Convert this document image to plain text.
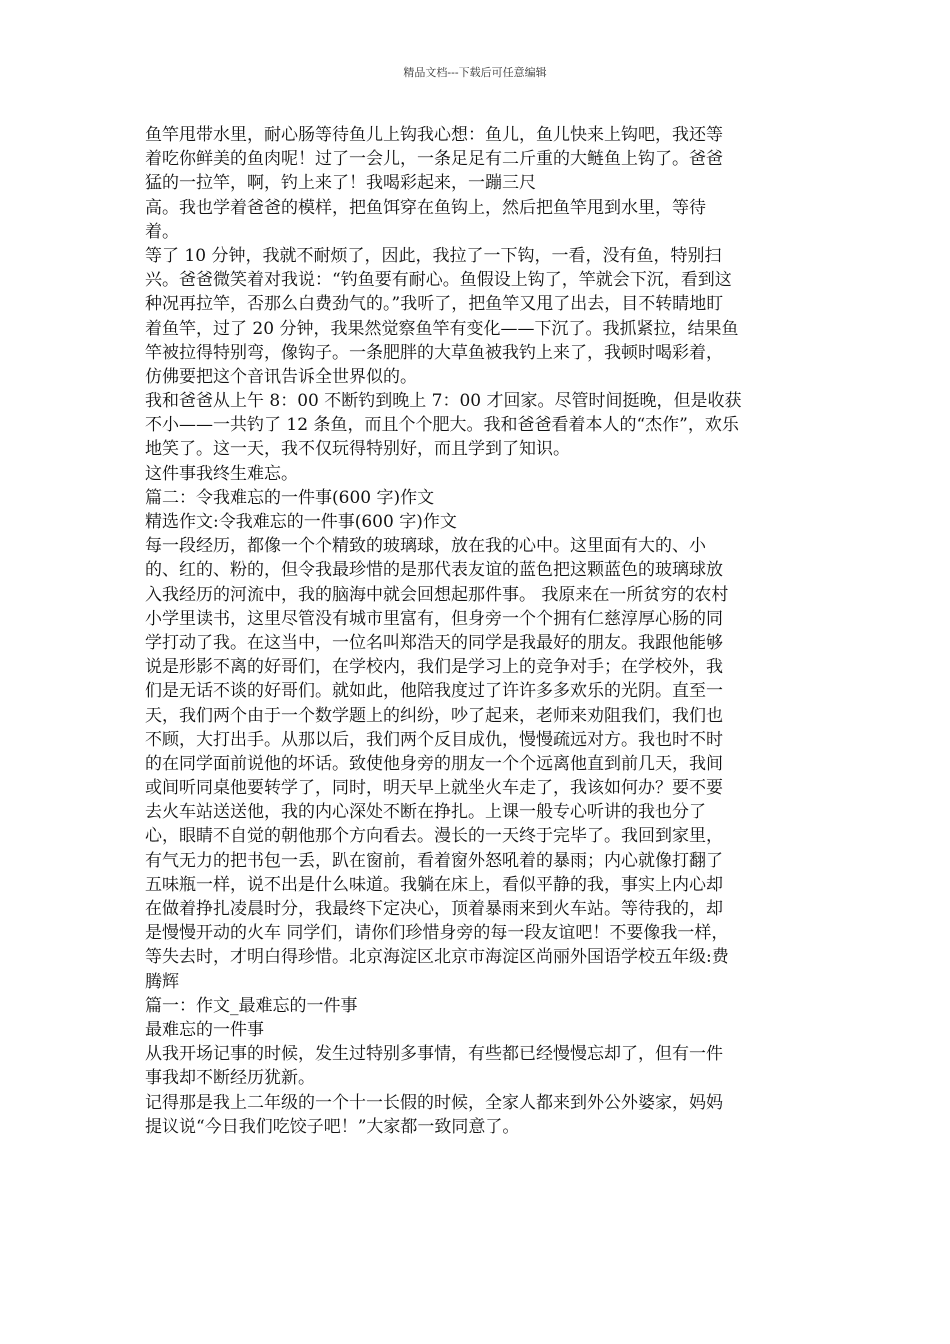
精品文档---下载后可任意编辑
鱼竿甩带水里，耐心肠等待鱼儿上钩我心想：鱼儿，鱼儿快来上钩吧，我还等
着吃你鲜美的鱼肉呢！过了一会儿，一条足足有二斤重的大鲢鱼上钩了。爸爸
猛的一拉竿，啊，钓上来了！我喝彩起来，一蹦三尺
高。我也学着爸爸的模样，把鱼饵穿在鱼钩上，然后把鱼竿甩到水里，等待
着。
等了 10 分钟，我就不耐烦了，因此，我拉了一下钩，一看，没有鱼，特别扫
兴。爸爸微笑着对我说：“钓鱼要有耐心。鱼假设上钩了，竿就会下沉，看到这
种况再拉竿，否那么白费劲气的。”我听了，把鱼竿又甩了出去，目不转睛地盯
着鱼竿，过了 20 分钟，我果然觉察鱼竿有变化——下沉了。我抓紧拉，结果鱼
竿被拉得特别弯，像钩子。一条肥胖的大草鱼被我钓上来了，我顿时喝彩着，
仿佛要把这个音讯告诉全世界似的。
我和爸爸从上午 8：00 不断钓到晚上 7：00 才回家。尽管时间挺晚，但是收获
不小——一共钓了 12 条鱼，而且个个肥大。我和爸爸看着本人的“杰作”，欢乐
地笑了。这一天，我不仅玩得特别好，而且学到了知识。
这件事我终生难忘。
篇二：令我难忘的一件事(600 字)作文
精选作文:令我难忘的一件事(600 字)作文
每一段经历，都像一个个精致的玻璃球，放在我的心中。这里面有大的、小
的、红的、粉的，但令我最珍惜的是那代表友谊的蓝色把这颗蓝色的玻璃球放
入我经历的河流中，我的脑海中就会回想起那件事。 我原来在一所贫穷的农村
小学里读书，这里尽管没有城市里富有，但身旁一个个拥有仁慈淳厚心肠的同
学打动了我。在这当中，一位名叫郑浩天的同学是我最好的朋友。我跟他能够
说是形影不离的好哥们，在学校内，我们是学习上的竞争对手；在学校外，我
们是无话不谈的好哥们。就如此，他陪我度过了许许多多欢乐的光阴。直至一
天，我们两个由于一个数学题上的纠纷，吵了起来，老师来劝阻我们，我们也
不顾，大打出手。从那以后，我们两个反目成仇，慢慢疏远对方。我也时不时
的在同学面前说他的坏话。致使他身旁的朋友一个个远离他直到前几天，我间
或间听同桌他要转学了，同时，明天早上就坐火车走了，我该如何办？要不要
去火车站送送他，我的内心深处不断在挣扎。上课一般专心听讲的我也分了
心，眼睛不自觉的朝他那个方向看去。漫长的一天终于完毕了。我回到家里，
有气无力的把书包一丢，趴在窗前，看着窗外怒吼着的暴雨；内心就像打翻了
五味瓶一样，说不出是什么味道。我躺在床上，看似平静的我，事实上内心却
在做着挣扎凌晨时分，我最终下定决心，顶着暴雨来到火车站。等待我的，却
是慢慢开动的火车 同学们，请你们珍惜身旁的每一段友谊吧！不要像我一样，
等失去时，才明白得珍惜。北京海淀区北京市海淀区尚丽外国语学校五年级:费
腾辉
篇一：作文_最难忘的一件事
最难忘的一件事
从我开场记事的时候，发生过特别多事情，有些都已经慢慢忘却了，但有一件
事我却不断经历犹新。
记得那是我上二年级的一个十一长假的时候，全家人都来到外公外婆家，妈妈
提议说“今日我们吃饺子吧！”大家都一致同意了。
